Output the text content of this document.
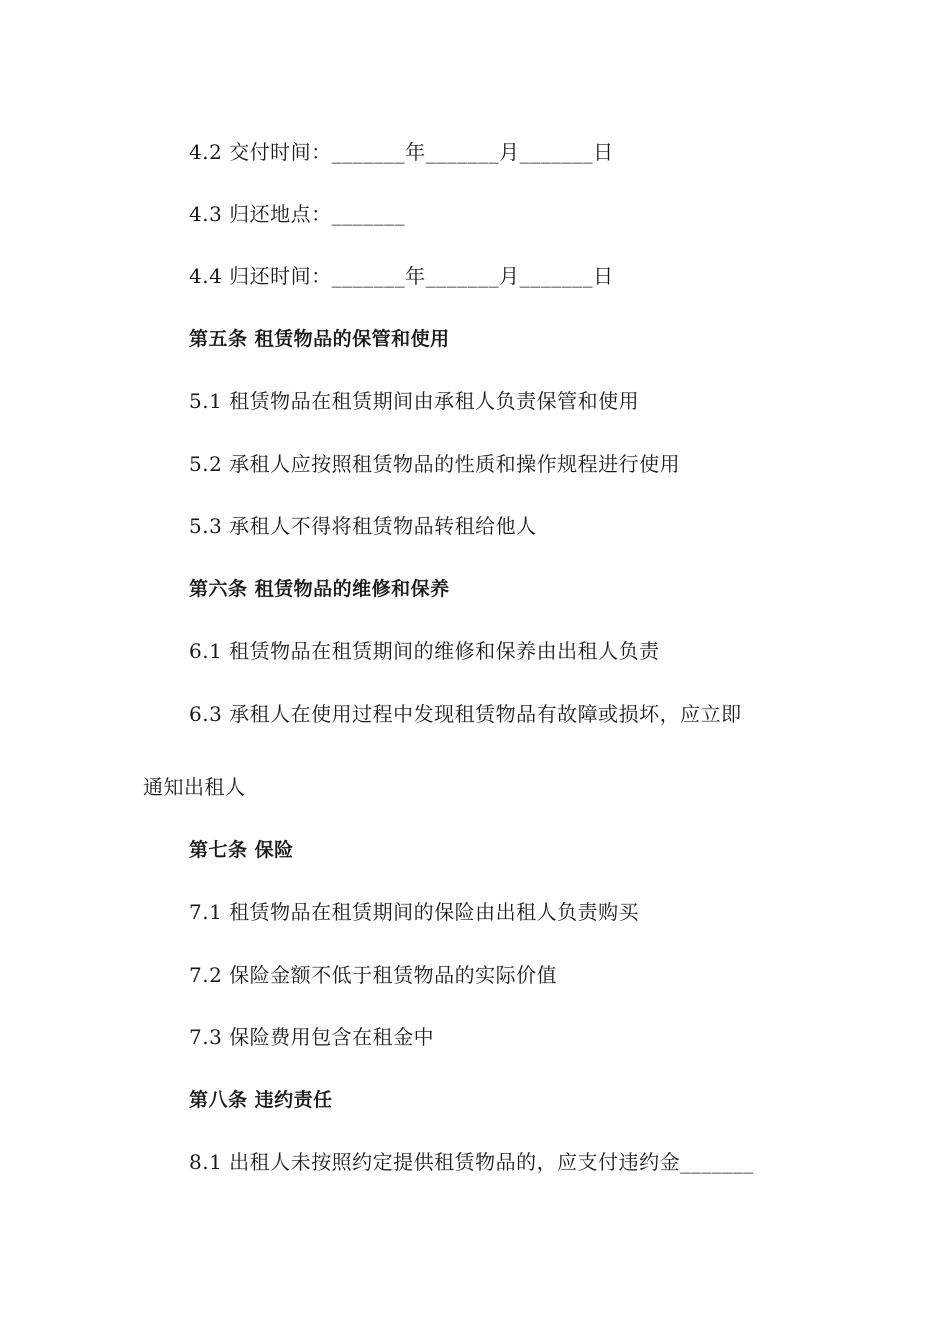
4.2 交付时间：_______年_______月_______日
4.3 归还地点：_______
4.4 归还时间：_______年_______月_______日
第五条 租赁物品的保管和使用
5.1 租赁物品在租赁期间由承租人负责保管和使用
5.2 承租人应按照租赁物品的性质和操作规程进行使用
5.3 承租人不得将租赁物品转租给他人
第六条 租赁物品的维修和保养
6.1 租赁物品在租赁期间的维修和保养由出租人负责
6.3 承租人在使用过程中发现租赁物品有故障或损坏，应立即
通知出租人
第七条 保险
7.1 租赁物品在租赁期间的保险由出租人负责购买
7.2 保险金额不低于租赁物品的实际价值
7.3 保险费用包含在租金中
第八条 违约责任
8.1 出租人未按照约定提供租赁物品的，应支付违约金_______
